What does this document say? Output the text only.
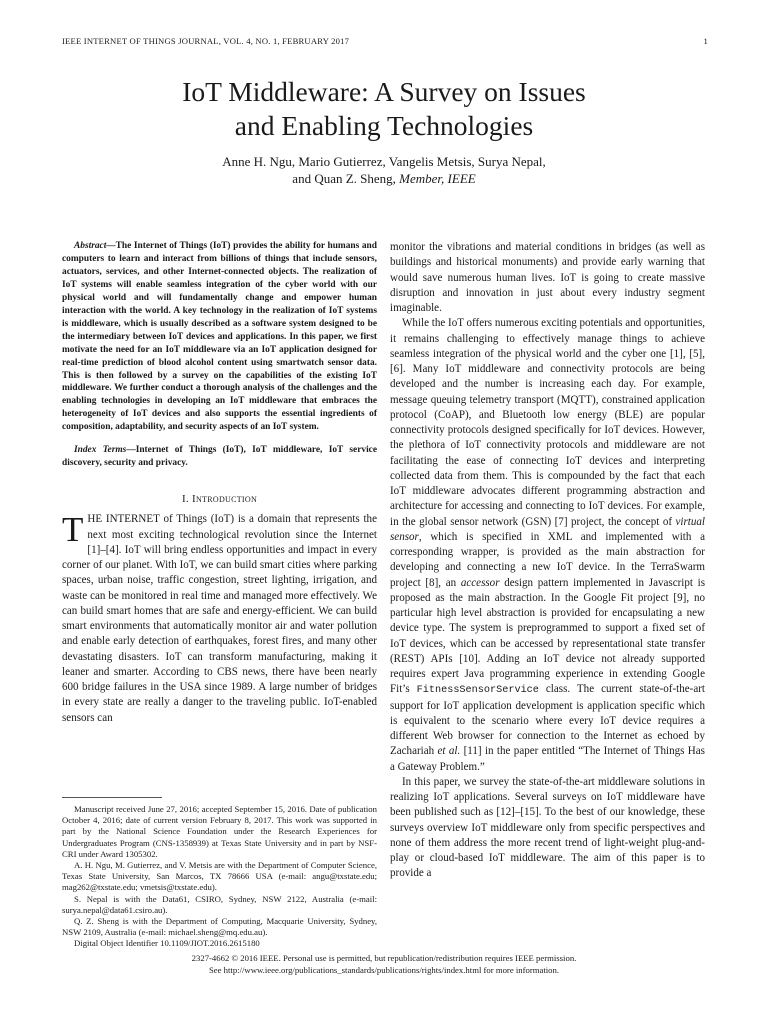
IEEE INTERNET OF THINGS JOURNAL, VOL. 4, NO. 1, FEBRUARY 2017	1
IoT Middleware: A Survey on Issues
and Enabling Technologies
Anne H. Ngu, Mario Gutierrez, Vangelis Metsis, Surya Nepal,
and Quan Z. Sheng, Member, IEEE

Abstract—The Internet of Things (IoT) provides the ability for humans and computers to learn and interact from billions of things that include sensors, actuators, services, and other Internet-connected objects. The realization of IoT systems will enable seamless integration of the cyber world with our physical world and will fundamentally change and empower human interaction with the world. A key technology in the realization of IoT systems is middleware, which is usually described as a software system designed to be the intermediary between IoT devices and applications. In this paper, we first motivate the need for an IoT middleware via an IoT application designed for real-time prediction of blood alcohol content using smartwatch sensor data. This is then followed by a survey on the capabilities of the existing IoT middleware. We further conduct a thorough analysis of the challenges and the enabling technologies in developing an IoT middleware that embraces the heterogeneity of IoT devices and also supports the essential ingredients of composition, adaptability, and security aspects of an IoT system.

Index Terms—Internet of Things (IoT), IoT middleware, IoT service discovery, security and privacy.

I. Introduction

THE INTERNET of Things (IoT) is a domain that represents the next most exciting technological revolution since the Internet [1]–[4]. IoT will bring endless opportunities and impact in every corner of our planet. With IoT, we can build smart cities where parking spaces, urban noise, traffic congestion, street lighting, irrigation, and waste can be monitored in real time and managed more effectively. We can build smart homes that are safe and energy-efficient. We can build smart environments that automatically monitor air and water pollution and enable early detection of earthquakes, forest fires, and many other devastating disasters. IoT can transform manufacturing, making it leaner and smarter. According to CBS news, there have been nearly 600 bridge failures in the USA since 1989. A large number of bridges in every state are really a danger to the traveling public. IoT-enabled sensors can

Manuscript received June 27, 2016; accepted September 15, 2016. Date of publication October 4, 2016; date of current version February 8, 2017. This work was supported in part by the National Science Foundation under the Research Experiences for Undergraduates Program (CNS-1358939) at Texas State University and in part by NSF-CRI under Award 1305302.

A. H. Ngu, M. Gutierrez, and V. Metsis are with the Department of Computer Science, Texas State University, San Marcos, TX 78666 USA (e-mail: angu@txstate.edu; mag262@txstate.edu; vmetsis@txstate.edu).

S. Nepal is with the Data61, CSIRO, Sydney, NSW 2122, Australia (e-mail: surya.nepal@data61.csiro.au).

Q. Z. Sheng is with the Department of Computing, Macquarie University, Sydney, NSW 2109, Australia (e-mail: michael.sheng@mq.edu.au).

Digital Object Identifier 10.1109/JIOT.2016.2615180

monitor the vibrations and material conditions in bridges (as well as buildings and historical monuments) and provide early warning that would save numerous human lives. IoT is going to create massive disruption and innovation in just about every industry segment imaginable.

While the IoT offers numerous exciting potentials and opportunities, it remains challenging to effectively manage things to achieve seamless integration of the physical world and the cyber one [1], [5], [6]. Many IoT middleware and connectivity protocols are being developed and the number is increasing each day. For example, message queuing telemetry transport (MQTT), constrained application protocol (CoAP), and Bluetooth low energy (BLE) are popular connectivity protocols designed specifically for IoT devices. However, the plethora of IoT connectivity protocols and middleware are not facilitating the ease of connecting IoT devices and interpreting collected data from them. This is compounded by the fact that each IoT middleware advocates different programming abstraction and architecture for accessing and connecting to IoT devices. For example, in the global sensor network (GSN) [7] project, the concept of virtual sensor, which is specified in XML and implemented with a corresponding wrapper, is provided as the main abstraction for developing and connecting a new IoT device. In the TerraSwarm project [8], an accessor design pattern implemented in Javascript is proposed as the main abstraction. In the Google Fit project [9], no particular high level abstraction is provided for encapsulating a new device type. The system is preprogrammed to support a fixed set of IoT devices, which can be accessed by representational state transfer (REST) APIs [10]. Adding an IoT device not already supported requires expert Java programming experience in extending Google Fit’s FitnessSensorService class. The current state-of-the-art support for IoT application development is application specific which is equivalent to the scenario where every IoT device requires a different Web browser for connection to the Internet as echoed by Zachariah et al. [11] in the paper entitled “The Internet of Things Has a Gateway Problem.”

In this paper, we survey the state-of-the-art middleware solutions in realizing IoT applications. Several surveys on IoT middleware have been published such as [12]–[15]. To the best of our knowledge, these surveys overview IoT middleware only from specific perspectives and none of them address the more recent trend of light-weight plug-and-play or cloud-based IoT middleware. The aim of this paper is to provide a

2327-4662 © 2016 IEEE. Personal use is permitted, but republication/redistribution requires IEEE permission.
See http://www.ieee.org/publications_standards/publications/rights/index.html for more information.
